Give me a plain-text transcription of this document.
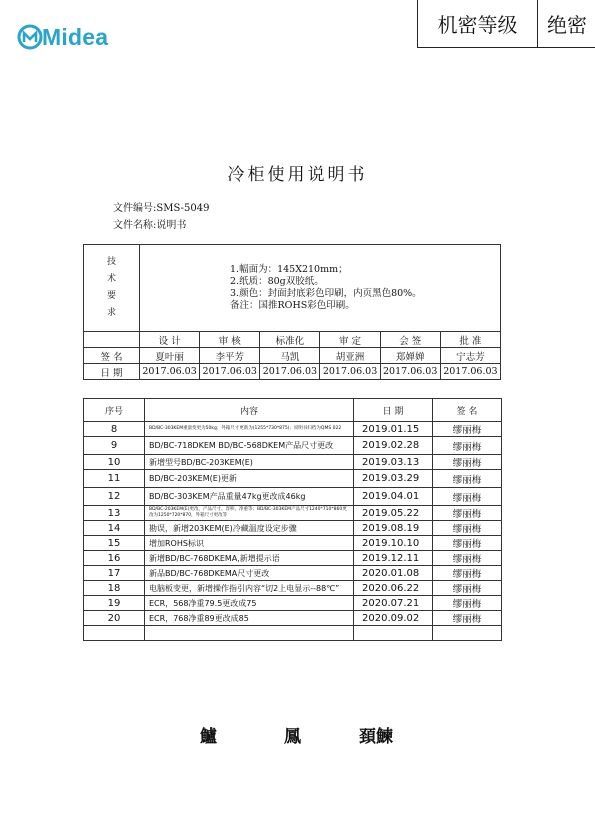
Midea	机密等级	绝密
冷柜使用说明书
文件编号:SMS-5049
文件名称:说明书
技
术
要
求	1.幅面为：145X210mm；
2.纸质：80g双胶纸。
3.颜色：封面封底彩色印刷，内页黑色80%。
备注：国推ROHS彩色印刷。					

	设 计	审 核	标准化	审 定	会 签	批 准
签 名	夏叶丽	李平芳	马凯	胡亚洲	郑婵婵	宁志芳
日 期	2017.06.03	2017.06.03	2017.06.03	2017.06.03	2017.06.03	2017.06.03
序号	内容	日 期	签 名
8	BD/BC-303KEM重量变更为50kg；外箱尺寸更新为(1255*730*875)；说明书归档为QMS 022	2019.01.15	缪丽梅
9	BD/BC-718DKEM BD/BC-568DKEM产品尺寸更改	2019.02.28	缪丽梅
10	新增型号BD/BC-203KEM(E)	2019.03.13	缪丽梅
11	BD/BC-203KEM(E)更新	2019.03.29	缪丽梅
12	BD/BC-303KEM产品重量47kg更改成46kg	2019.04.01	缪丽梅
13	BD/BC-203KEM(E)更改，产品尺寸、容积、净重等；BD/BC-303KEM产品尺寸1240*710*860更改为1250*720*870，外箱尺寸更改等	2019.05.22	缪丽梅
14	勘误，新增203KEM(E)冷藏温度设定步骤	2019.08.19	缪丽梅
15	增加ROHS标识	2019.10.10	缪丽梅
16	新增BD/BC-768DKEMA,新增提示语	2019.12.11	缪丽梅
17	新品BD/BC-768DKEMA尺寸更改	2020.01.08	缪丽梅
18	电脑板变更，新增操作指引内容“切2上电显示--88℃”	2020.06.22	缪丽梅
19	ECR，568净重79.5更改成75	2020.07.21	缪丽梅
20	ECR，768净重89更改成85	2020.09.02	缪丽梅

鱸	鳳	頚鰊
